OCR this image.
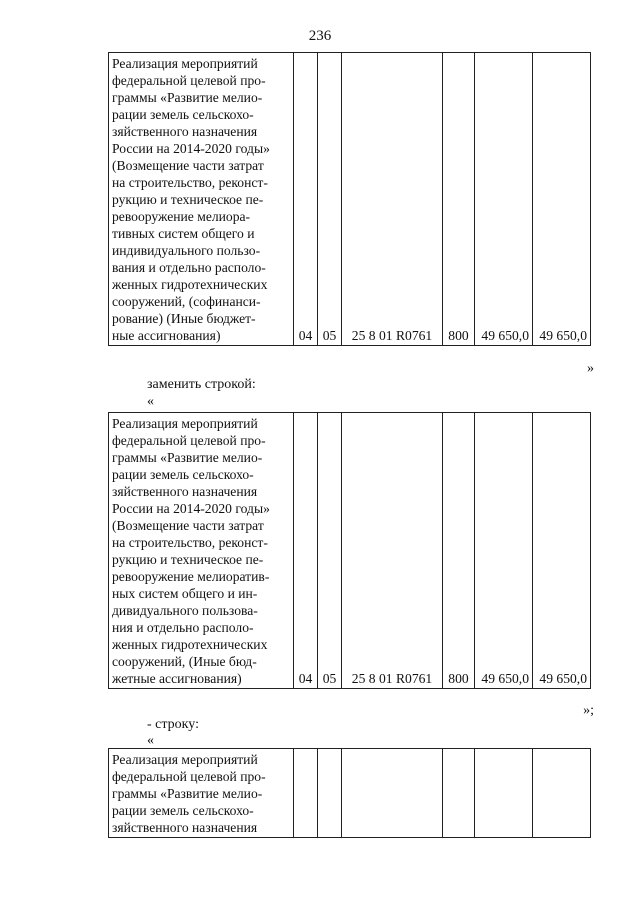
236
Реализация мероприятий
федеральной целевой про-
граммы «Развитие мелио-
рации земель сельскохо-
зяйственного назначения
России на 2014-2020 годы»
(Возмещение части затрат
на строительство, реконст-
рукцию и техническое пе-
ревооружение мелиора-
тивных систем общего и
индивидуального пользо-
вания и отдельно располо-
женных гидротехнических
сооружений, (софинанси-
рование) (Иные бюджет-
ные ассигнования)	04	05	25 8 01 R0761	800	49 650,0	49 650,0
»
заменить строкой:
«
Реализация мероприятий
федеральной целевой про-
граммы «Развитие мелио-
рации земель сельскохо-
зяйственного назначения
России на 2014-2020 годы»
(Возмещение части затрат
на строительство, реконст-
рукцию и техническое пе-
ревооружение мелиоратив-
ных систем общего и ин-
дивидуального пользова-
ния и отдельно располо-
женных гидротехнических
сооружений, (Иные бюд-
жетные ассигнования)	04	05	25 8 01 R0761	800	49 650,0	49 650,0
»;
- строку:
«
Реализация мероприятий
федеральной целевой про-
граммы «Развитие мелио-
рации земель сельскохо-
зяйственного назначения
